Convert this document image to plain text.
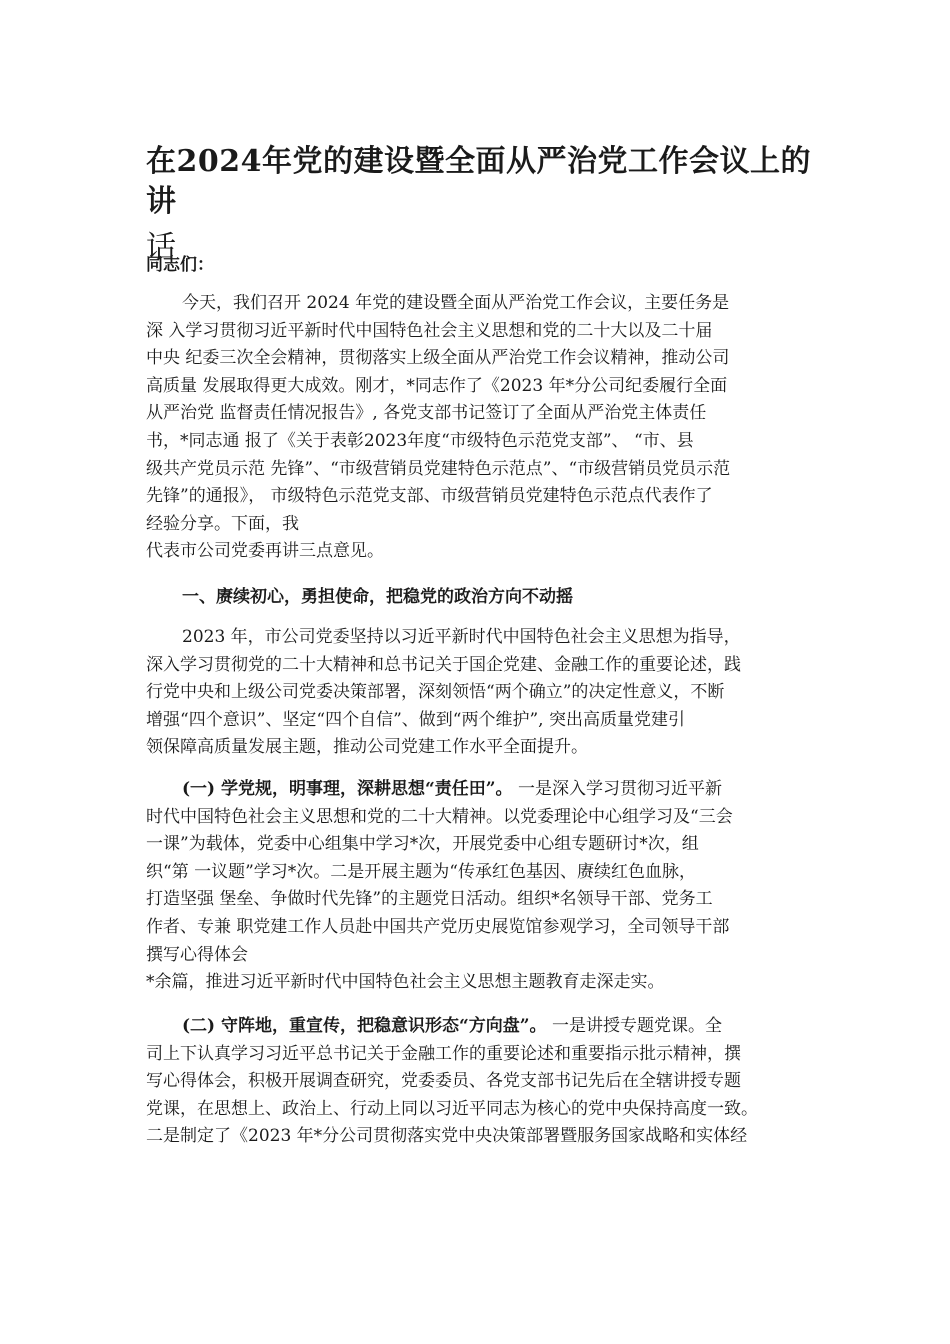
在2024年党的建设暨全面从严治党工作会议上的讲
话
同志们：

今天，我们召开 2024 年党的建设暨全面从严治党工作会议，主要任务是
深 入学习贯彻习近平新时代中国特色社会主义思想和党的二十大以及二十届
中央 纪委三次全会精神，贯彻落实上级全面从严治党工作会议精神，推动公司
高质量 发展取得更大成效。刚才，*同志作了《2023 年*分公司纪委履行全面
从严治党 监督责任情况报告》, 各党支部书记签订了全面从严治党主体责任
书，*同志通 报了《关于表彰2023年度“市级特色示范党支部”、 “市、县
级共产党员示范 先锋”、“市级营销员党建特色示范点”、“市级营销员党员示范
先锋”的通报》， 市级特色示范党支部、市级营销员党建特色示范点代表作了
经验分享。下面，我
代表市公司党委再讲三点意见。

一、赓续初心，勇担使命，把稳党的政治方向不动摇

2023 年，市公司党委坚持以习近平新时代中国特色社会主义思想为指导，
深入学习贯彻党的二十大精神和总书记关于国企党建、金融工作的重要论述，践
行党中央和上级公司党委决策部署，深刻领悟“两个确立”的决定性意义，不断
增强“四个意识”、坚定“四个自信”、做到“两个维护”, 突出高质量党建引
领保障高质量发展主题，推动公司党建工作水平全面提升。

(一) 学党规，明事理，深耕思想“责任田”。 一是深入学习贯彻习近平新
时代中国特色社会主义思想和党的二十大精神。以党委理论中心组学习及“三会
一课”为载体，党委中心组集中学习*次，开展党委中心组专题研讨*次，组
织“第 一议题”学习*次。二是开展主题为“传承红色基因、赓续红色血脉，
打造坚强 堡垒、争做时代先锋”的主题党日活动。组织*名领导干部、党务工
作者、专兼 职党建工作人员赴中国共产党历史展览馆参观学习，全司领导干部
撰写心得体会
*余篇，推进习近平新时代中国特色社会主义思想主题教育走深走实。

(二) 守阵地，重宣传，把稳意识形态“方向盘”。 一是讲授专题党课。全
司上下认真学习习近平总书记关于金融工作的重要论述和重要指示批示精神，撰
写心得体会，积极开展调查研究，党委委员、各党支部书记先后在全辖讲授专题
党课，在思想上、政治上、行动上同以习近平同志为核心的党中央保持高度一致。
二是制定了《2023 年*分公司贯彻落实党中央决策部署暨服务国家战略和实体经
